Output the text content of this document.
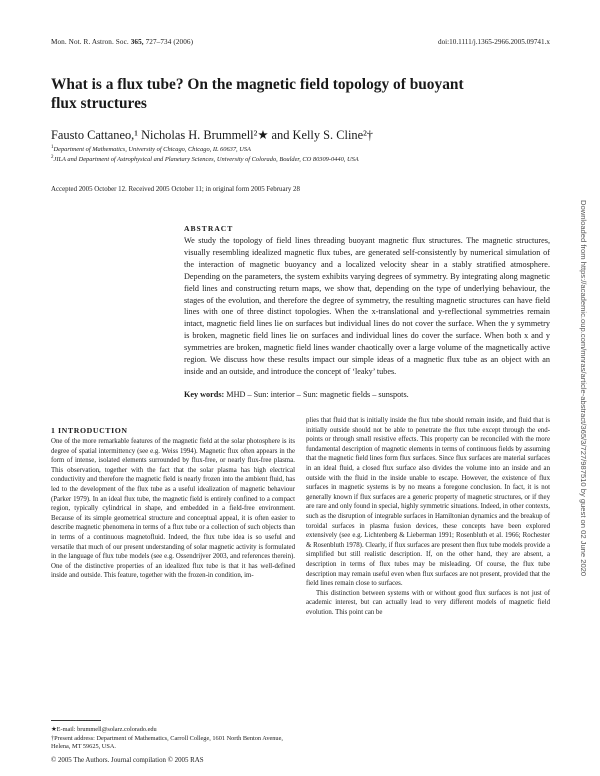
Mon. Not. R. Astron. Soc. 365, 727–734 (2006)	doi:10.1111/j.1365-2966.2005.09741.x
What is a flux tube? On the magnetic field topology of buoyant flux structures
Fausto Cattaneo,¹ Nicholas H. Brummell²★ and Kelly S. Cline²†
$^1$Department of Mathematics, University of Chicago, Chicago, IL 60637, USA
$^2$JILA and Department of Astrophysical and Planetary Sciences, University of Colorado, Boulder, CO 80309-0440, USA
Accepted 2005 October 12. Received 2005 October 11; in original form 2005 February 28
ABSTRACT
We study the topology of field lines threading buoyant magnetic flux structures. The magnetic structures, visually resembling idealized magnetic flux tubes, are generated self-consistently by numerical simulation of the interaction of magnetic buoyancy and a localized velocity shear in a stably stratified atmosphere. Depending on the parameters, the system exhibits varying degrees of symmetry. By integrating along magnetic field lines and constructing return maps, we show that, depending on the type of underlying behaviour, the stages of the evolution, and therefore the degree of symmetry, the resulting magnetic structures can have field lines with one of three distinct topologies. When the x-translational and y-reflectional symmetries remain intact, magnetic field lines lie on surfaces but individual lines do not cover the surface. When the y symmetry is broken, magnetic field lines lie on surfaces and individual lines do cover the surface. When both x and y symmetries are broken, magnetic field lines wander chaotically over a large volume of the magnetically active region. We discuss how these results impact our simple ideas of a magnetic flux tube as an object with an inside and an outside, and introduce the concept of ‘leaky’ tubes.
Key words: MHD – Sun: interior – Sun: magnetic fields – sunspots.	Downloaded from https://academic.oup.com/mnras/article-abstract/365/3/727/987510 by guest on 02 June 2020
1 INTRODUCTION

One of the more remarkable features of the magnetic field at the solar photosphere is its degree of spatial intermittency (see e.g. Weiss 1994). Magnetic flux often appears in the form of intense, isolated elements surrounded by flux-free, or nearly flux-free plasma. This observation, together with the fact that the solar plasma has high electrical conductivity and therefore the magnetic field is nearly frozen into the ambient fluid, has led to the development of the flux tube as a useful idealization of magnetic behaviour (Parker 1979). In an ideal flux tube, the magnetic field is entirely confined to a compact region, typically cylindrical in shape, and embedded in a field-free environment. Because of its simple geometrical structure and conceptual appeal, it is often easier to describe magnetic phenomena in terms of a flux tube or a collection of such objects than in terms of a continuous magnetofluid. Indeed, the flux tube idea is so useful and versatile that much of our present understanding of solar magnetic activity is formulated in the language of flux tube models (see e.g. Ossendrijver 2003, and references therein). One of the distinctive properties of an idealized flux tube is that it has well-defined inside and outside. This feature, together with the frozen-in condition, im-

plies that fluid that is initially inside the flux tube should remain inside, and fluid that is initially outside should not be able to penetrate the flux tube except through the end-points or through small resistive effects. This property can be reconciled with the more fundamental description of magnetic elements in terms of continuous fields by assuming that the magnetic field lines form flux surfaces. Since flux surfaces are material surfaces in an ideal fluid, a closed flux surface also divides the volume into an inside and an outside with the fluid in the inside unable to escape. However, the existence of flux surfaces in magnetic systems is by no means a foregone conclusion. In fact, it is not generally known if flux surfaces are a generic property of magnetic structures, or if they are rare and only found in special, highly symmetric situations. Indeed, in other contexts, such as the disruption of integrable surfaces in Hamiltonian dynamics and the breakup of toroidal surfaces in plasma fusion devices, these concepts have been explored extensively (see e.g. Lichtenberg & Lieberman 1991; Rosenbluth et al. 1966; Rochester & Rosenbluth 1978). Clearly, if flux surfaces are present then flux tube models provide a simplified but still realistic description. If, on the other hand, they are absent, a description in terms of flux tubes may be misleading. Of course, the flux tube description may remain useful even when flux surfaces are not present, provided that the field lines remain close to surfaces.

This distinction between systems with or without good flux surfaces is not just of academic interest, but can actually lead to very different models of magnetic field evolution. This point can be

★E-mail: brummell@solarz.colorado.edu

†Present address: Department of Mathematics, Carroll College, 1601 North Benton Avenue, Helena, MT 59625, USA.

© 2005 The Authors. Journal compilation © 2005 RAS
